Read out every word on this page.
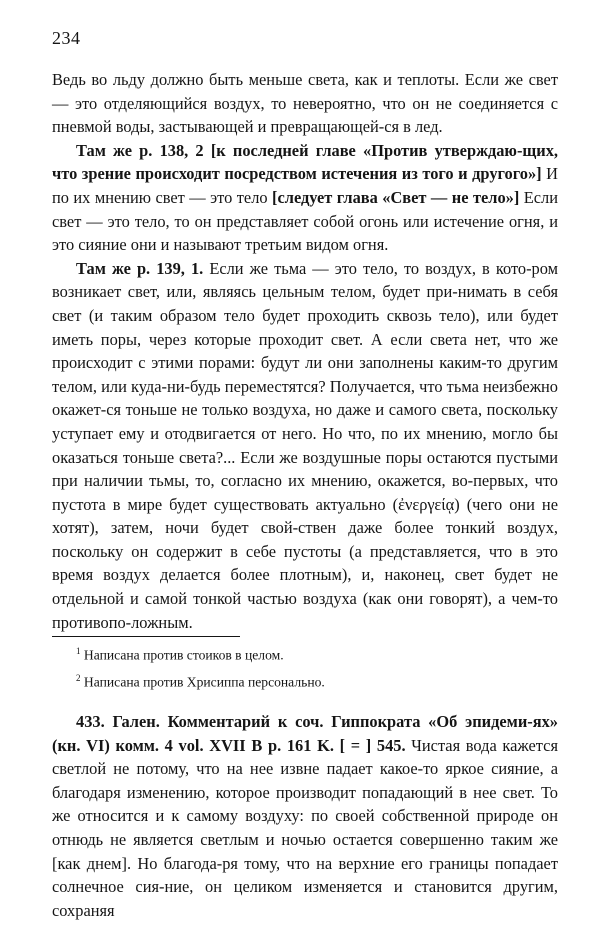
234

Ведь во льду должно быть меньше света, как и теплоты. Если же свет — это отделяющийся воздух, то невероятно, что он не соединяется с пневмой воды, застывающей и превращающей-ся в лед.

Там же р. 138, 2 [к последней главе «Против утверждаю-щих, что зрение происходит посредством истечения из того и другого»] И по их мнению свет — это тело [следует глава «Свет — не тело»] Если свет — это тело, то он представляет собой огонь или истечение огня, и это сияние они и называют третьим видом огня.

Там же р. 139, 1. Если же тьма — это тело, то воздух, в кото-ром возникает свет, или, являясь цельным телом, будет при-нимать в себя свет (и таким образом тело будет проходить сквозь тело), или будет иметь поры, через которые проходит свет. А если света нет, что же происходит с этими порами: будут ли они заполнены каким-то другим телом, или куда-ни-будь переместятся? Получается, что тьма неизбежно окажет-ся тоньше не только воздуха, но даже и самого света, поскольку уступает ему и отодвигается от него. Но что, по их мнению, могло бы оказаться тоньше света?... Если же воздушные поры остаются пустыми при наличии тьмы, то, согласно их мнению, окажется, во-первых, что пустота в мире будет существовать актуально (ἐνεργείᾳ) (чего они не хотят), затем, ночи будет свой-ствен даже более тонкий воздух, поскольку он содержит в себе пустоты (а представляется, что в это время воздух делается более плотным), и, наконец, свет будет не отдельной и самой тонкой частью воздуха (как они говорят), а чем-то противопо-ложным.

$^1$ Написана против стоиков в целом.

$^2$ Написана против Хрисиппа персонально.

433. Гален. Комментарий к соч. Гиппократа «Об эпидеми-ях» (кн. VI) комм. 4 vol. XVII B p. 161 K. [ = ] 545. Чистая вода кажется светлой не потому, что на нее извне падает какое-то яркое сияние, а благодаря изменению, которое производит попадающий в нее свет. То же относится и к самому воздуху: по своей собственной природе он отнюдь не является светлым и ночью остается совершенно таким же [как днем]. Но благода-ря тому, что на верхние его границы попадает солнечное сия-ние, он целиком изменяется и становится другим, сохраняя
